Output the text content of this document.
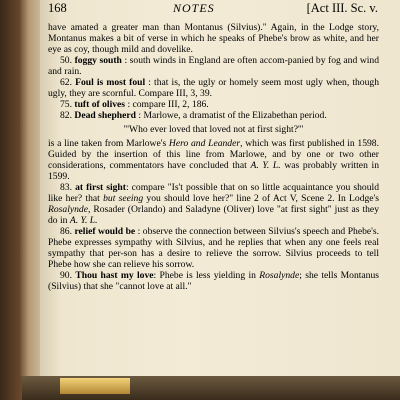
168	NOTES	[Act III. Sc. v.

have amated a greater man than Montanus (Silvius)." Again, in the Lodge story, Montanus makes a bit of verse in which he speaks of Phebe's brow as white, and her eye as coy, though mild and dovelike.

50. foggy south : south winds in England are often accom-panied by fog and wind and rain.

62. Foul is most foul : that is, the ugly or homely seem most ugly when, though ugly, they are scornful. Compare III, 3, 39.

75. tuft of olives : compare III, 2, 186.

82. Dead shepherd : Marlowe, a dramatist of the Elizabethan period.

"'Who ever loved that loved not at first sight?'"

is a line taken from Marlowe's Hero and Leander, which was first published in 1598. Guided by the insertion of this line from Marlowe, and by one or two other considerations, commentators have concluded that A. Y. L. was probably written in 1599.

83. at first sight: compare "Is't possible that on so little acquaintance you should like her? that but seeing you should love her?" line 2 of Act V, Scene 2. In Lodge's Rosalynde, Rosader (Orlando) and Saladyne (Oliver) love "at first sight" just as they do in A. Y. L.

86. relief would be : observe the connection between Silvius's speech and Phebe's. Phebe expresses sympathy with Silvius, and he replies that when any one feels real sympathy that per-son has a desire to relieve the sorrow. Silvius proceeds to tell Phebe how she can relieve his sorrow.

90. Thou hast my love: Phebe is less yielding in Rosalynde; she tells Montanus (Silvius) that she "cannot love at all."
